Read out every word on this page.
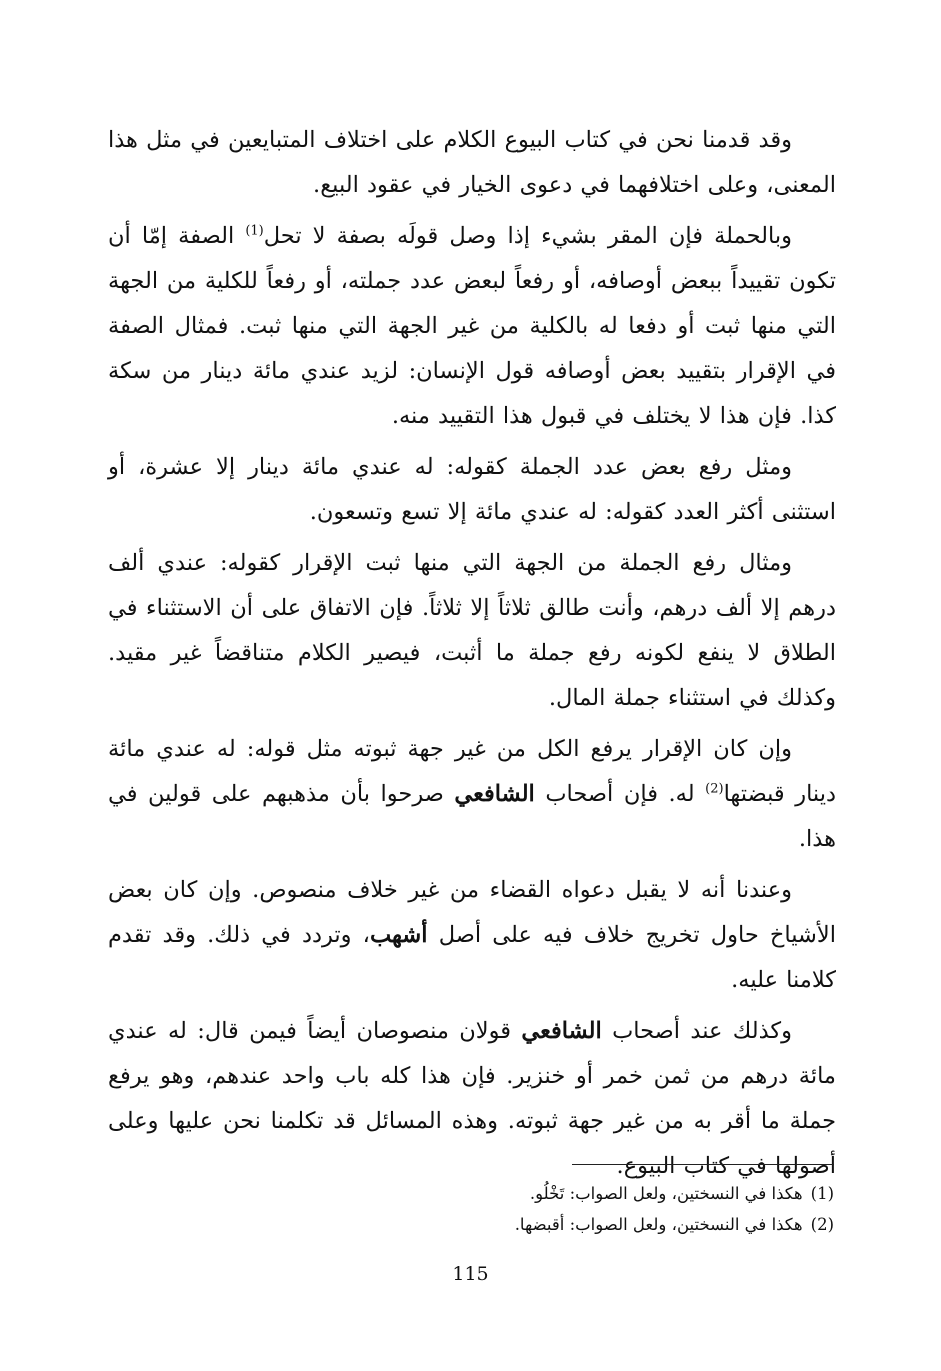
وقد قدمنا نحن في كتاب البيوع الكلام على اختلاف المتبايعين في مثل هذا المعنى، وعلى اختلافهما في دعوى الخيار في عقود البيع.

وبالحملة فإن المقر بشيء إذا وصل قولَه بصفة لا تحل$^{(1)}$ الصفة إمّا أن تكون تقييداً ببعض أوصافه، أو رفعاً لبعض عدد جملته، أو رفعاً للكلية من الجهة التي منها ثبت أو دفعا له بالكلية من غير الجهة التي منها ثبت. فمثال الصفة في الإقرار بتقييد بعض أوصافه قول الإنسان: لزيد عندي مائة دينار من سكة كذا. فإن هذا لا يختلف في قبول هذا التقييد منه.

ومثل رفع بعض عدد الجملة كقوله: له عندي مائة دينار إلا عشرة، أو استثنى أكثر العدد كقوله: له عندي مائة إلا تسع وتسعون.

ومثال رفع الجملة من الجهة التي منها ثبت الإقرار كقوله: عندي ألف درهم إلا ألف درهم، وأنت طالق ثلاثاً إلا ثلاثاً. فإن الاتفاق على أن الاستثناء في الطلاق لا ينفع لكونه رفع جملة ما أثبت، فيصير الكلام متناقضاً غير مقيد. وكذلك في استثناء جملة المال.

وإن كان الإقرار يرفع الكل من غير جهة ثبوته مثل قوله: له عندي مائة دينار قبضتها$^{(2)}$ له. فإن أصحاب الشافعي صرحوا بأن مذهبهم على قولين في هذا.

وعندنا أنه لا يقبل دعواه القضاء من غير خلاف منصوص. وإن كان بعض الأشياخ حاول تخريج خلاف فيه على أصل أشهب، وتردد في ذلك. وقد تقدم كلامنا عليه.

وكذلك عند أصحاب الشافعي قولان منصوصان أيضاً فيمن قال: له عندي مائة درهم من ثمن خمر أو خنزير. فإن هذا كله باب واحد عندهم، وهو يرفع جملة ما أقر به من غير جهة ثبوته. وهذه المسائل قد تكلمنا نحن عليها وعلى أصولها في كتاب البيوع.

(1)هكذا في النسختين، ولعل الصواب: تَخْلُو.

(2)هكذا في النسختين، ولعل الصواب: أقبضها.

115
